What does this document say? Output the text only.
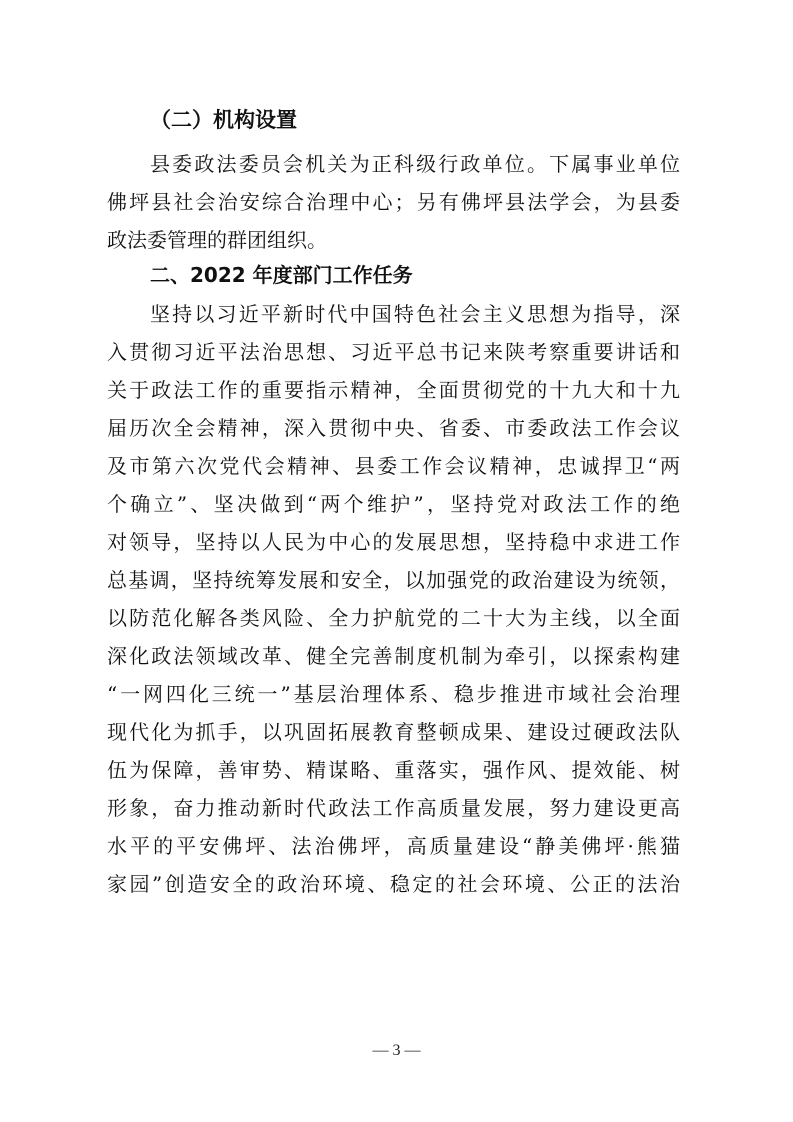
（二）机构设置
县委政法委员会机关为正科级行政单位。下属事业单位
佛坪县社会治安综合治理中心；另有佛坪县法学会，为县委
政法委管理的群团组织。
二、2022 年度部门工作任务
坚持以习近平新时代中国特色社会主义思想为指导，深
入贯彻习近平法治思想、习近平总书记来陕考察重要讲话和
关于政法工作的重要指示精神，全面贯彻党的十九大和十九
届历次全会精神，深入贯彻中央、省委、市委政法工作会议
及市第六次党代会精神、县委工作会议精神，忠诚捍卫“两
个确立”、坚决做到“两个维护”，坚持党对政法工作的绝
对领导，坚持以人民为中心的发展思想，坚持稳中求进工作
总基调，坚持统筹发展和安全，以加强党的政治建设为统领，
以防范化解各类风险、全力护航党的二十大为主线，以全面
深化政法领域改革、健全完善制度机制为牵引，以探索构建
“一网四化三统一”基层治理体系、稳步推进市域社会治理
现代化为抓手，以巩固拓展教育整顿成果、建设过硬政法队
伍为保障，善审势、精谋略、重落实，强作风、提效能、树
形象，奋力推动新时代政法工作高质量发展，努力建设更高
水平的平安佛坪、法治佛坪，高质量建设“静美佛坪·熊猫
家园”创造安全的政治环境、稳定的社会环境、公正的法治
— 3 —
